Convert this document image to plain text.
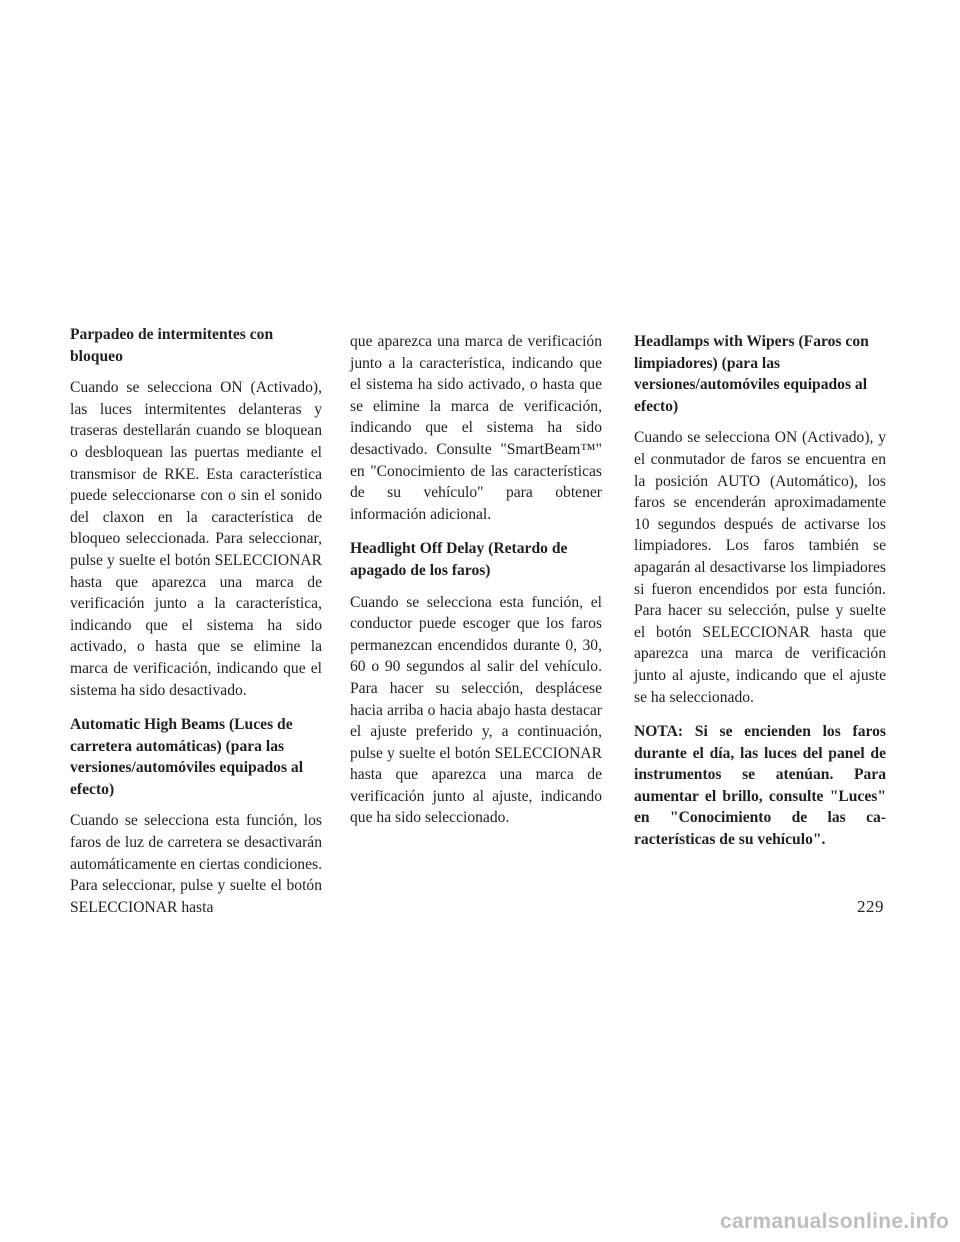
Parpadeo de intermitentes con bloqueo

Cuando se selecciona ON (Activado), las luces intermitentes delanteras y traseras destellarán cuando se bloquean o desbloquean las puertas mediante el transmisor de RKE. Esta característica puede seleccionarse con o sin el sonido del claxon en la característica de bloqueo seleccionada. Para seleccionar, pulse y suelte el botón SELECCIONAR hasta que aparezca una marca de verificación junto a la característica, indicando que el sistema ha sido activado, o hasta que se elimine la marca de verificación, indicando que el sistema ha sido desactivado.

Automatic High Beams (Luces de carretera automáticas) (para las versiones/automóviles equipados al efecto)

Cuando se selecciona esta función, los faros de luz de carretera se desactivarán automáticamente en ciertas condiciones. Para seleccionar, pulse y suelte el botón SELECCIONAR hasta

que aparezca una marca de verificación junto a la característica, indicando que el sistema ha sido activado, o hasta que se elimine la marca de verificación, indicando que el sistema ha sido desactivado. Consulte "SmartBeam™" en "Conocimiento de las características de su vehículo" para obtener información adicional.

Headlight Off Delay (Retardo de apagado de los faros)

Cuando se selecciona esta función, el conductor puede escoger que los faros permanezcan encendidos durante 0, 30, 60 o 90 segundos al salir del vehículo. Para hacer su selección, desplácese hacia arriba o hacia abajo hasta destacar el ajuste preferido y, a continuación, pulse y suelte el botón SELECCIONAR hasta que aparezca una marca de verificación junto al ajuste, indicando que ha sido seleccionado.

Headlamps with Wipers (Faros con limpiadores) (para las versiones/automóviles equipados al efecto)

Cuando se selecciona ON (Activado), y el conmutador de faros se encuentra en la posición AUTO (Automático), los faros se encenderán aproximadamente 10 segundos después de activarse los limpiadores. Los faros también se apagarán al desactivarse los limpiadores si fueron encendidos por esta función. Para hacer su selección, pulse y suelte el botón SELECCIONAR hasta que aparezca una marca de verificación junto al ajuste, indicando que el ajuste se ha seleccionado.

NOTA: Si se encienden los faros durante el día, las luces del panel de instrumentos se atenúan. Para aumentar el brillo, consulte "Luces" en "Conocimiento de las características de su vehículo".

229
carmanualsonline.info
